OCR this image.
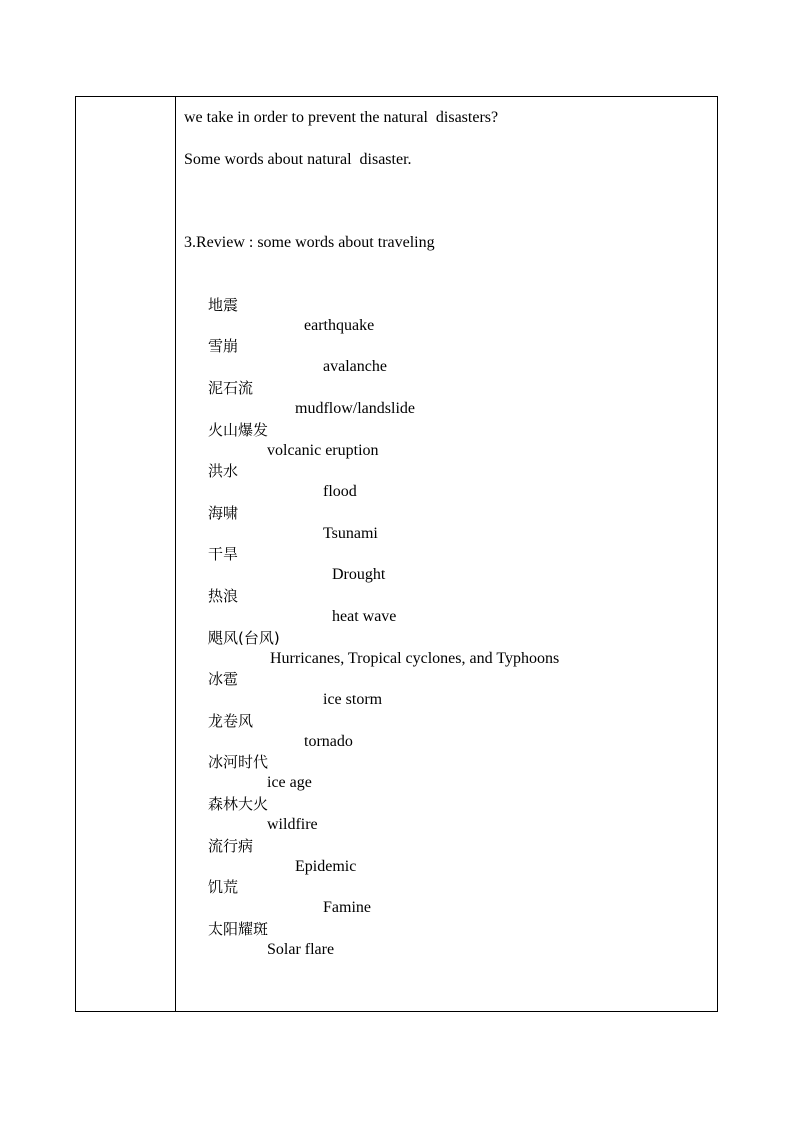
we take in order to prevent the natural  disasters?
Some words about natural  disaster.
3.Review : some words about traveling

地震

earthquake

雪崩

avalanche

泥石流

mudflow/landslide

火山爆发

volcanic eruption

洪水

flood

海啸

Tsunami

干旱

Drought

热浪

heat wave

飓风(台风)

Hurricanes, Tropical cyclones, and Typhoons

冰雹

ice storm

龙卷风

tornado

冰河时代

ice age

森林大火

wildfire

流行病

Epidemic

饥荒

Famine

太阳耀斑

Solar flare
